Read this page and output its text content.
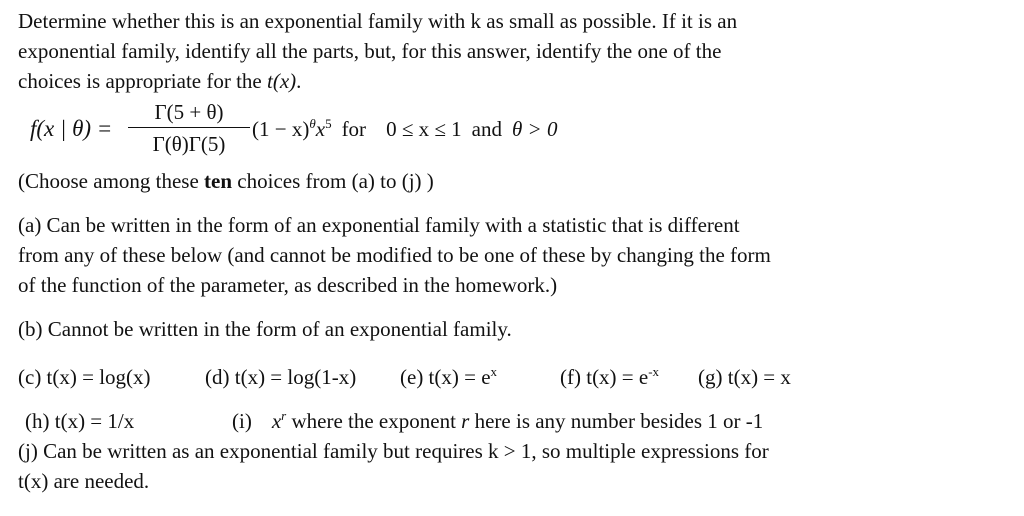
Determine whether this is an exponential family with k as small as possible. If it is an
exponential family, identify all the parts, but, for this answer, identify the one of the
choices is appropriate for the t(x).
f(x | θ) =
Γ(5 + θ)
Γ(θ)Γ(5)
$(1 - x)^\theta x^5$ for 0 ≤ x ≤ 1 and θ > 0
(Choose among these ten choices from (a) to (j) )
(a) Can be written in the form of an exponential family with a statistic that is different
from any of these below (and cannot be modified to be one of these by changing the form
of the function of the parameter, as described in the homework.)
(b) Cannot be written in the form of an exponential family.
(c) t(x) = log(x)	(d) t(x) = log(1-x) (e) $t(x) = e^x$	(f) $t(x) = e^{-x}$ (g) t(x) = x
(h) t(x) = 1/x	(i) $x^r$ where the exponent r here is any number besides 1 or -1
(j) Can be written as an exponential family but requires k > 1, so multiple expressions for
t(x) are needed.
